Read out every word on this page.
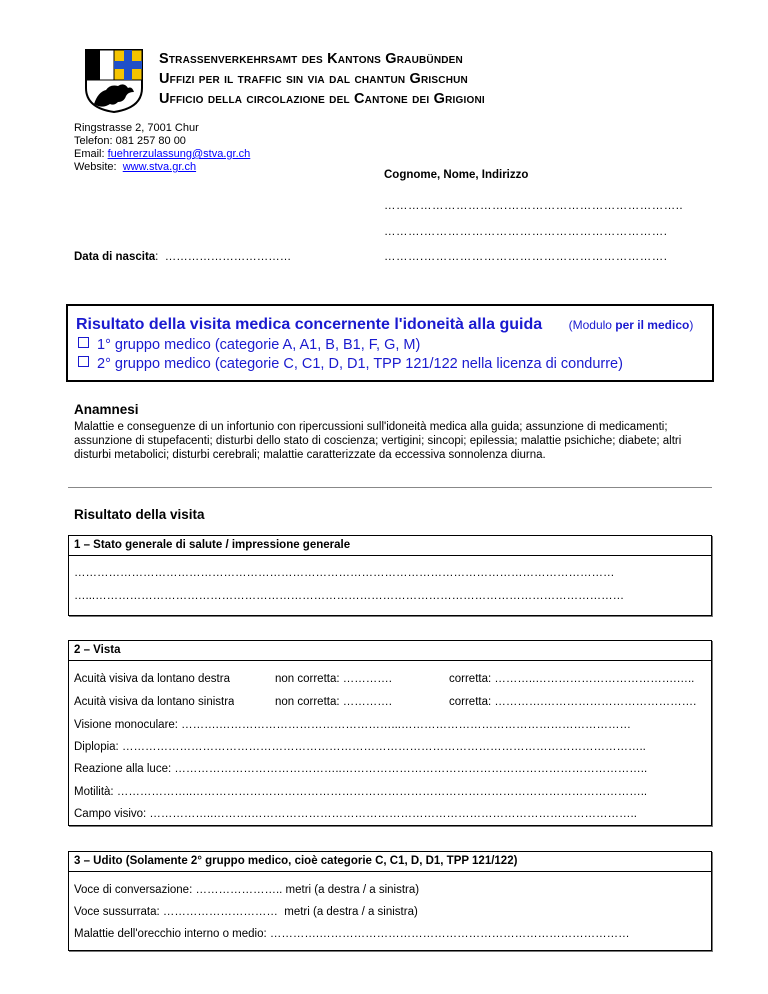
Strassenverkehrsamt des Kantons Graubünden
Uffizi per il traffic sin via dal chantun Grischun
Ufficio della circolazione del Cantone dei Grigioni
Ringstrasse 2, 7001 Chur
Telefon: 081 257 80 00
Email: fuehrerzulassung@stva.gr.ch
Website:  www.stva.gr.ch
Cognome, Nome, Indirizzo
………………………….……………………………………..
……….…………………………………………………….
……….…………………………………………………….
Data di nascita: ……………………………
Risultato della visita medica concernente l'idoneità alla guida (Modulo per il medico)
1° gruppo medico (categorie A, A1, B, B1, F, G, M)
2° gruppo medico (categorie C, C1, D, D1, TPP 121/122 nella licenza di condurre)
Anamnesi
Malattie e conseguenze di un infortunio con ripercussioni sull'idoneità medica alla guida; assunzione di medicamenti; assunzione di stupefacenti; disturbi dello stato di coscienza; vertigini; sincopi; epilessia; malattie psichiche; diabete; altri disturbi metabolici; disturbi cerebrali; malattie caratterizzate da eccessiva sonnolenza diurna.
Risultato della visita
1 – Stato generale di salute / impressione generale
……………………………………………………………………………………………………………………………
…...…………………………………………………………………………………………………………………………
2 – Vista
Acuità visiva da lontano destra	non corretta: ………….	corretta: ………..……………………………….…..
Acuità visiva da lontano sinistra	non corretta: ………….	corretta: ………….………………………………….
Visione monoculare: ……….………………………………………...……………………………………………………
Diplopia: ………………………………………………………………………………………………………………………..
Reazione alla luce: ……………………………………..……………………………………………………………………..
Motilità: ………………..………………………………………………………………………………………………………..
Campo visivo: ……………..……….………………………………………………………………………………………..
3 – Udito (Solamente 2° gruppo medico, cioè categorie C, C1, D, D1, TPP 121/122)
Voce di conversazione: ………………….. metri (a destra / a sinistra)
Voce sussurrata: …………………………  metri (a destra / a sinistra)
Malattie dell'orecchio interno o medio: ………….………………………………………………………………………
